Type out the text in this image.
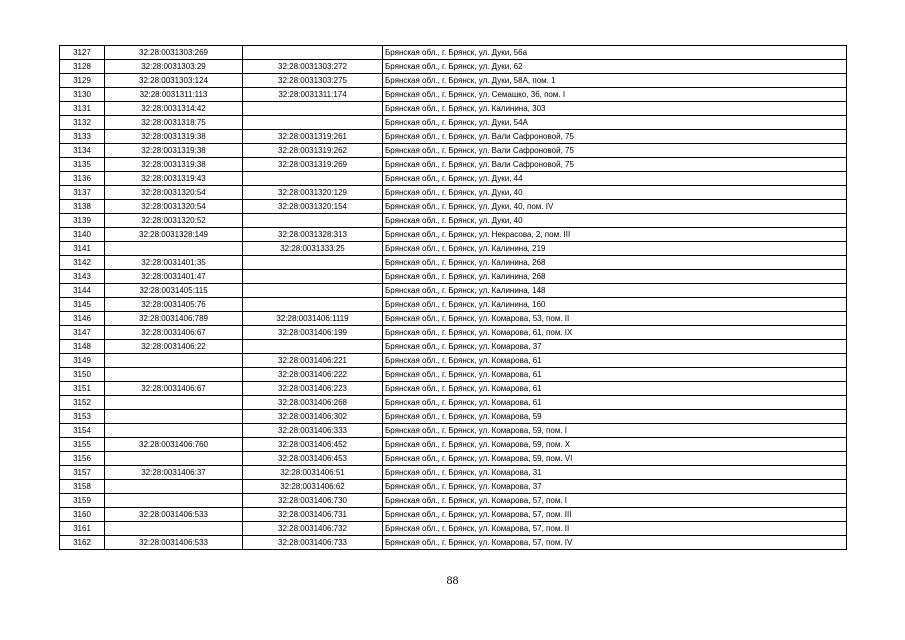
3127	32:28:0031303:269		Брянская обл., г. Брянск, ул. Дуки, 56а
3128	32:28:0031303:29	32:28:0031303:272	Брянская обл., г. Брянск, ул. Дуки, 62
3129	32:28:0031303:124	32:28:0031303:275	Брянская обл., г. Брянск, ул. Дуки, 58А, пом. 1
3130	32:28:0031311:113	32:28:0031311:174	Брянская обл., г. Брянск, ул. Семашко, 36, пом. I
3131	32:28:0031314:42		Брянская обл., г. Брянск, ул. Калинина, 303
3132	32:28:0031318:75		Брянская обл., г. Брянск, ул. Дуки, 54А
3133	32:28:0031319:38	32:28:0031319:261	Брянская обл., г. Брянск, ул. Вали Сафроновой, 75
3134	32:28:0031319:38	32:28:0031319:262	Брянская обл., г. Брянск, ул. Вали Сафроновой, 75
3135	32:28:0031319:38	32:28:0031319:269	Брянская обл., г. Брянск, ул. Вали Сафроновой, 75
3136	32:28:0031319:43		Брянская обл., г. Брянск, ул. Дуки, 44
3137	32:28:0031320:54	32:28:0031320:129	Брянская обл., г. Брянск, ул. Дуки, 40
3138	32:28:0031320:54	32:28:0031320:154	Брянская обл., г. Брянск, ул. Дуки, 40, пом. IV
3139	32:28:0031320:52		Брянская обл., г. Брянск, ул. Дуки, 40
3140	32:28:0031328:149	32:28:0031328:313	Брянская обл., г. Брянск, ул. Некрасова, 2, пом. III
3141		32:28:0031333:25	Брянская обл., г. Брянск, ул. Калинина, 219
3142	32:28:0031401:35		Брянская обл., г. Брянск, ул. Калинина, 268
3143	32:28:0031401:47		Брянская обл., г. Брянск, ул. Калинина, 268
3144	32:28:0031405:115		Брянская обл., г. Брянск, ул. Калинина, 148
3145	32:28:0031405:76		Брянская обл., г. Брянск, ул. Калинина, 160
3146	32:28:0031406:789	32:28:0031406:1119	Брянская обл., г. Брянск, ул. Комарова, 53, пом. II
3147	32:28:0031406:67	32:28:0031406:199	Брянская обл., г. Брянск, ул. Комарова, 61, пом. IX
3148	32:28:0031406:22		Брянская обл., г. Брянск, ул. Комарова, 37
3149		32:28:0031406:221	Брянская обл., г. Брянск, ул. Комарова, 61
3150		32:28:0031406:222	Брянская обл., г. Брянск, ул. Комарова, 61
3151	32:28:0031406:67	32:28:0031406:223	Брянская обл., г. Брянск, ул. Комарова, 61
3152		32:28:0031406:268	Брянская обл., г. Брянск, ул. Комарова, 61
3153		32:28:0031406:302	Брянская обл., г. Брянск, ул. Комарова, 59
3154		32:28:0031406:333	Брянская обл., г. Брянск, ул. Комарова, 59, пом. I
3155	32:28:0031406:760	32:28:0031406:452	Брянская обл., г. Брянск, ул. Комарова, 59, пом. X
3156		32:28:0031406:453	Брянская обл., г. Брянск, ул. Комарова, 59, пом. VI
3157	32:28:0031406:37	32:28:0031406:51	Брянская обл., г. Брянск, ул. Комарова, 31
3158		32:28:0031406:62	Брянская обл., г. Брянск, ул. Комарова, 37
3159		32:28:0031406:730	Брянская обл., г. Брянск, ул. Комарова, 57, пом. I
3160	32:28:0031406:533	32:28:0031406:731	Брянская обл., г. Брянск, ул. Комарова, 57, пом. III
3161		32:28:0031406:732	Брянская обл., г. Брянск, ул. Комарова, 57, пом. II
3162	32:28:0031406:533	32:28:0031406:733	Брянская обл., г. Брянск, ул. Комарова, 57, пом. IV
88
